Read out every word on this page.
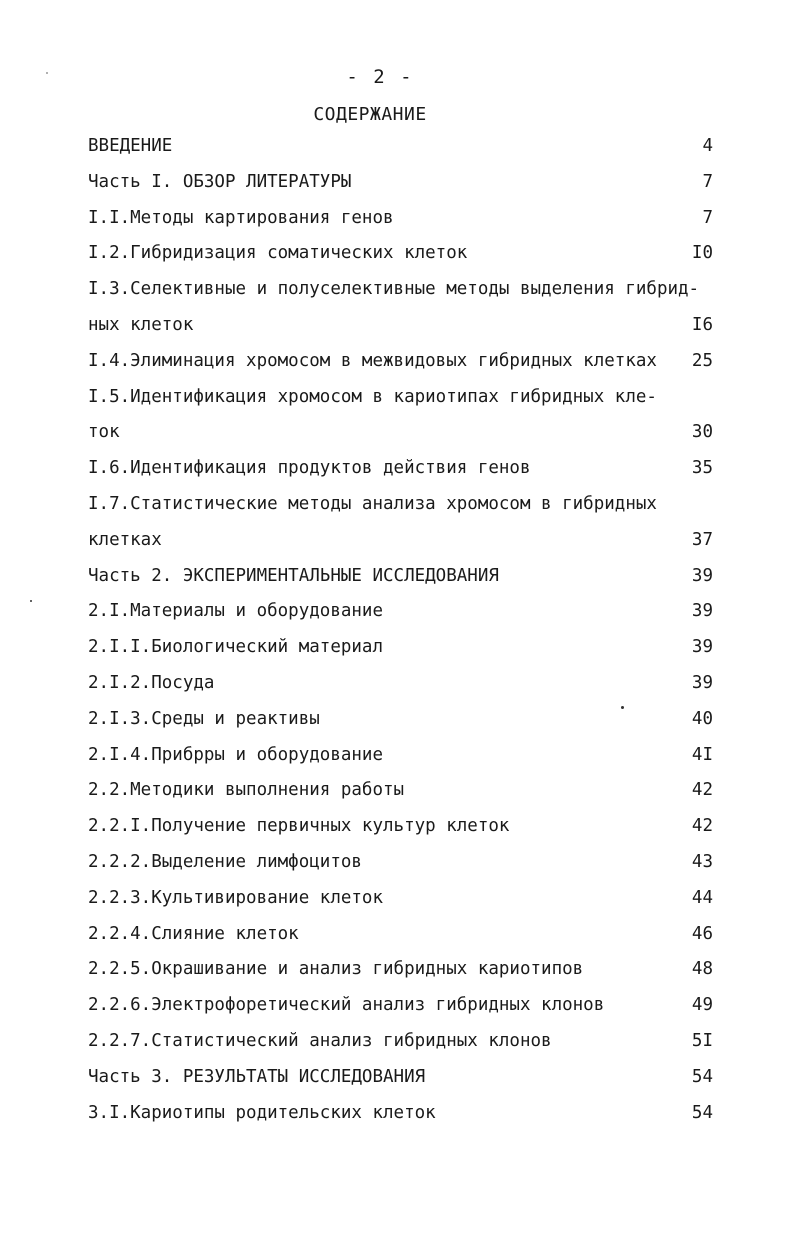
- 2 -
СОДЕРЖАНИЕ
ВВЕДЕНИЕ	4
Часть I. ОБЗОР ЛИТЕРАТУРЫ	7
I.I.Методы картирования генов	7
I.2.Гибридизация соматических клеток	I0
I.3.Селективные и полуселективные методы выделения гибрид-
ных клеток	I6
I.4.Элиминация хромосом в межвидовых гибридных клетках	25
I.5.Идентификация хромосом в кариотипах гибридных кле-
ток	30
I.6.Идентификация продуктов действия генов	35
I.7.Статистические методы анализа хромосом в гибридных
клетках	37
Часть 2. ЭКСПЕРИМЕНТАЛЬНЫЕ ИССЛЕДОВАНИЯ	39
2.I.Материалы и оборудование	39
2.I.I.Биологический материал	39
2.I.2.Посуда	39
2.I.3.Среды и реактивы	40
2.I.4.Прибрры и оборудование	4I
2.2.Методики выполнения работы	42
2.2.I.Получение первичных культур клеток	42
2.2.2.Выделение лимфоцитов	43
2.2.3.Культивирование клеток	44
2.2.4.Слияние клеток	46
2.2.5.Окрашивание и анализ гибридных кариотипов	48
2.2.6.Электрофоретический анализ гибридных клонов	49
2.2.7.Статистический анализ гибридных клонов	5I
Часть 3. РЕЗУЛЬТАТЫ ИССЛЕДОВАНИЯ	54
3.I.Кариотипы родительских клеток	54
